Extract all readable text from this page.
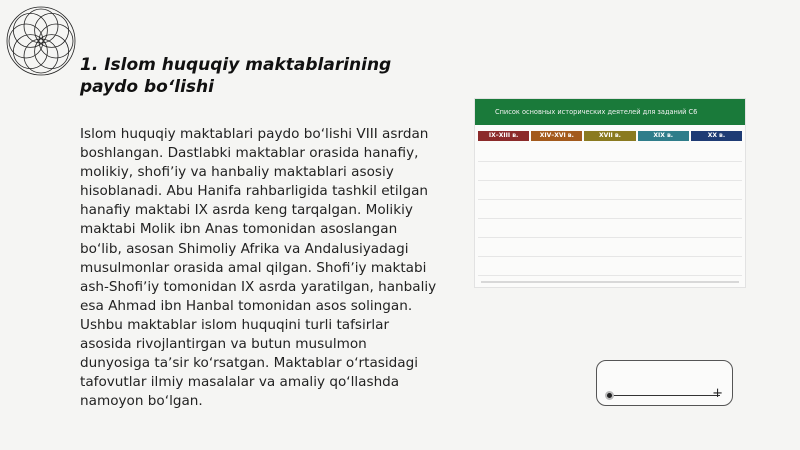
1. Islom huquqiy maktablarining paydo boʻlishi

Islom huquqiy maktablari paydo boʻlishi VIII asrdan boshlangan. Dastlabki maktablar orasida hanafiy, molikiy, shofiʼiy va hanbaliy maktablari asosiy hisoblanadi. Abu Hanifa rahbarligida tashkil etilgan hanafiy maktabi IX asrda keng tarqalgan. Molikiy maktabi Molik ibn Anas tomonidan asoslangan boʻlib, asosan Shimoliy Afrika va Andalusiyadagi musulmonlar orasida amal qilgan. Shofiʼiy maktabi ash-Shofiʼiy tomonidan IX asrda yaratilgan, hanbaliy esa Ahmad ibn Hanbal tomonidan asos solingan. Ushbu maktablar islom huquqini turli tafsirlar asosida rivojlantirgan va butun musulmon dunyosiga taʼsir koʻrsatgan. Maktablar oʻrtasidagi tafovutlar ilmiy masalalar va amaliy qoʻllashda namoyon boʻlgan.

Список основных исторических деятелей для заданий С6
IX–XIII в.	XIV–XVI в.	XVII в.	XIX в.	XX в.
+
